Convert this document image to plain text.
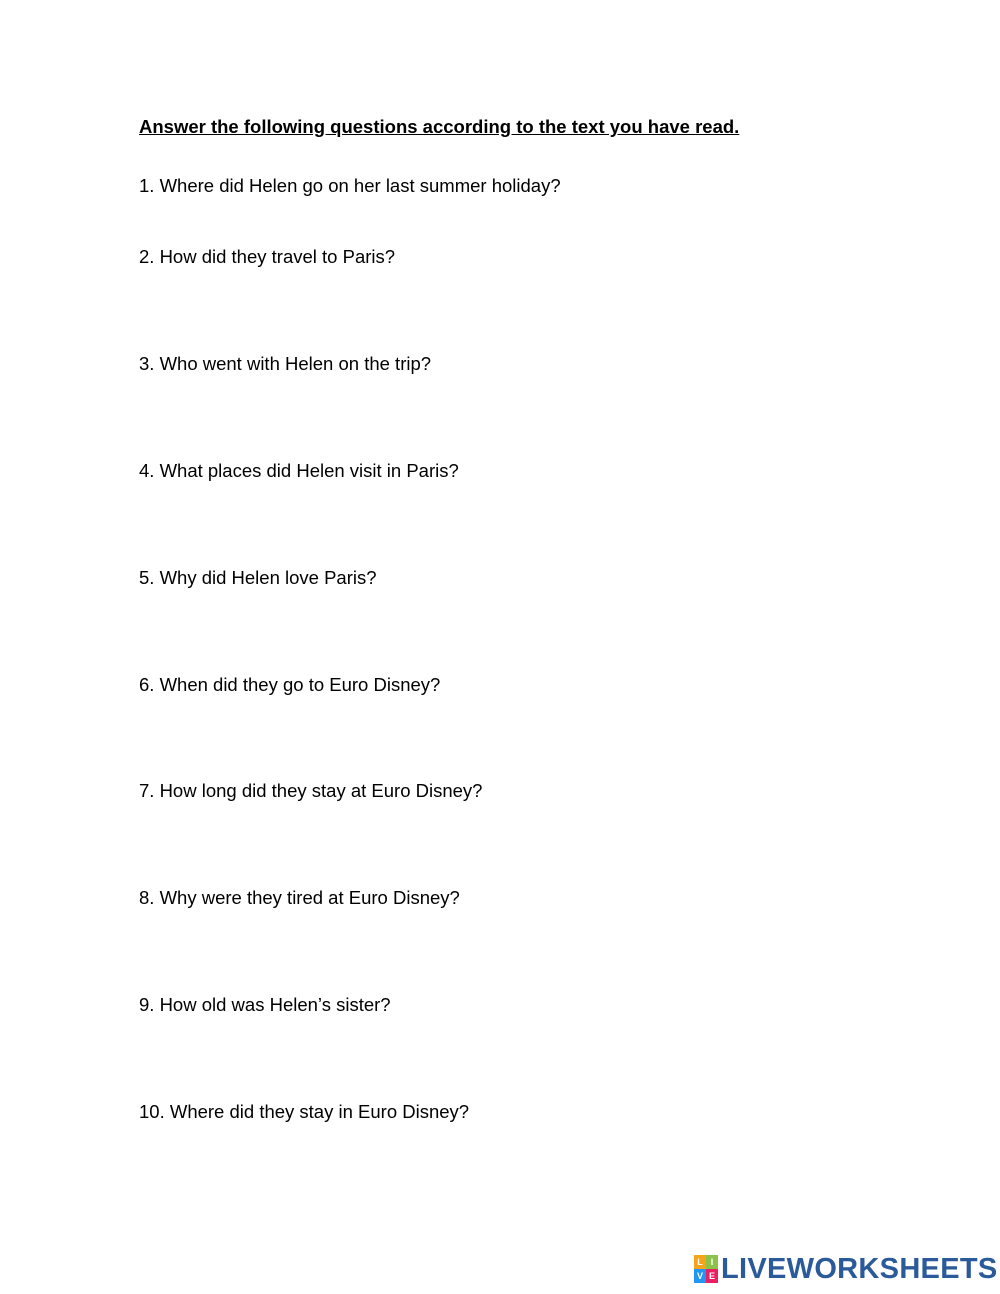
Answer the following questions according to the text you have read.

1. Where did Helen go on her last summer holiday?

2. How did they travel to Paris?

3. Who went with Helen on the trip?

4. What places did Helen visit in Paris?

5. Why did Helen love Paris?

6. When did they go to Euro Disney?

7. How long did they stay at Euro Disney?

8. Why were they tired at Euro Disney?

9. How old was Helen’s sister?

10. Where did they stay in Euro Disney?

L I
V E LIVEWORKSHEETS
